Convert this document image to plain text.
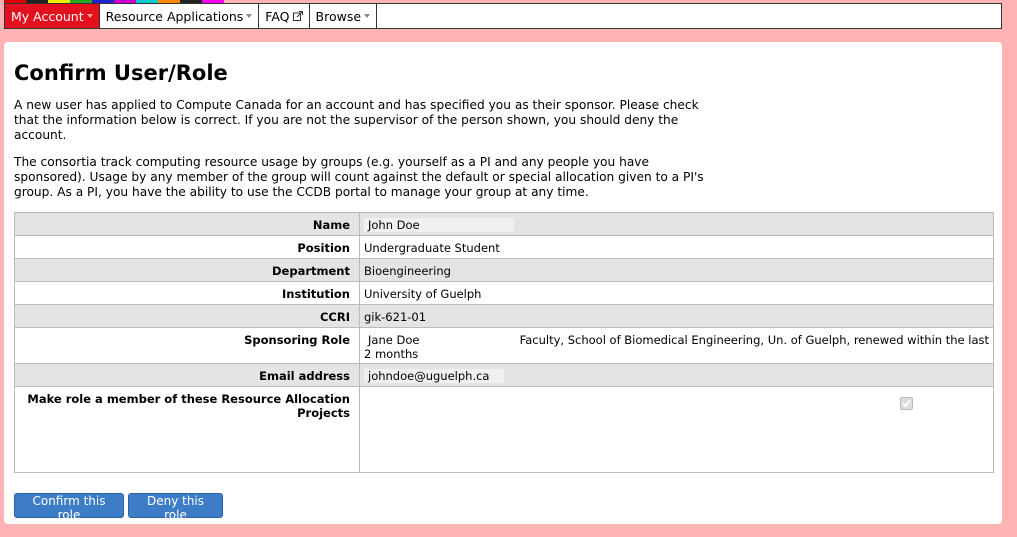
My Account Resource Applications FAQ Browse
Confirm User/Role

A new user has applied to Compute Canada for an account and has specified you as their sponsor. Please check that the information below is correct. If you are not the supervisor of the person shown, you should deny the account.

The consortia track computing resource usage by groups (e.g. yourself as a PI and any people you have sponsored). Usage by any member of the group will count against the default or special allocation given to a PI's group. As a PI, you have the ability to use the CCDB portal to manage your group at any time.

Name	John Doe
Position	Undergraduate Student
Department	Bioengineering
Institution	University of Guelph
CCRI	gik-621-01
Sponsoring Role	Jane Doe Faculty, School of Biomedical Engineering, Un. of Guelph, renewed within the last
2 months

Email address	johndoe@uguelph.ca
Make role a member of these Resource Allocation Projects	
Confirm this role
Deny this role
